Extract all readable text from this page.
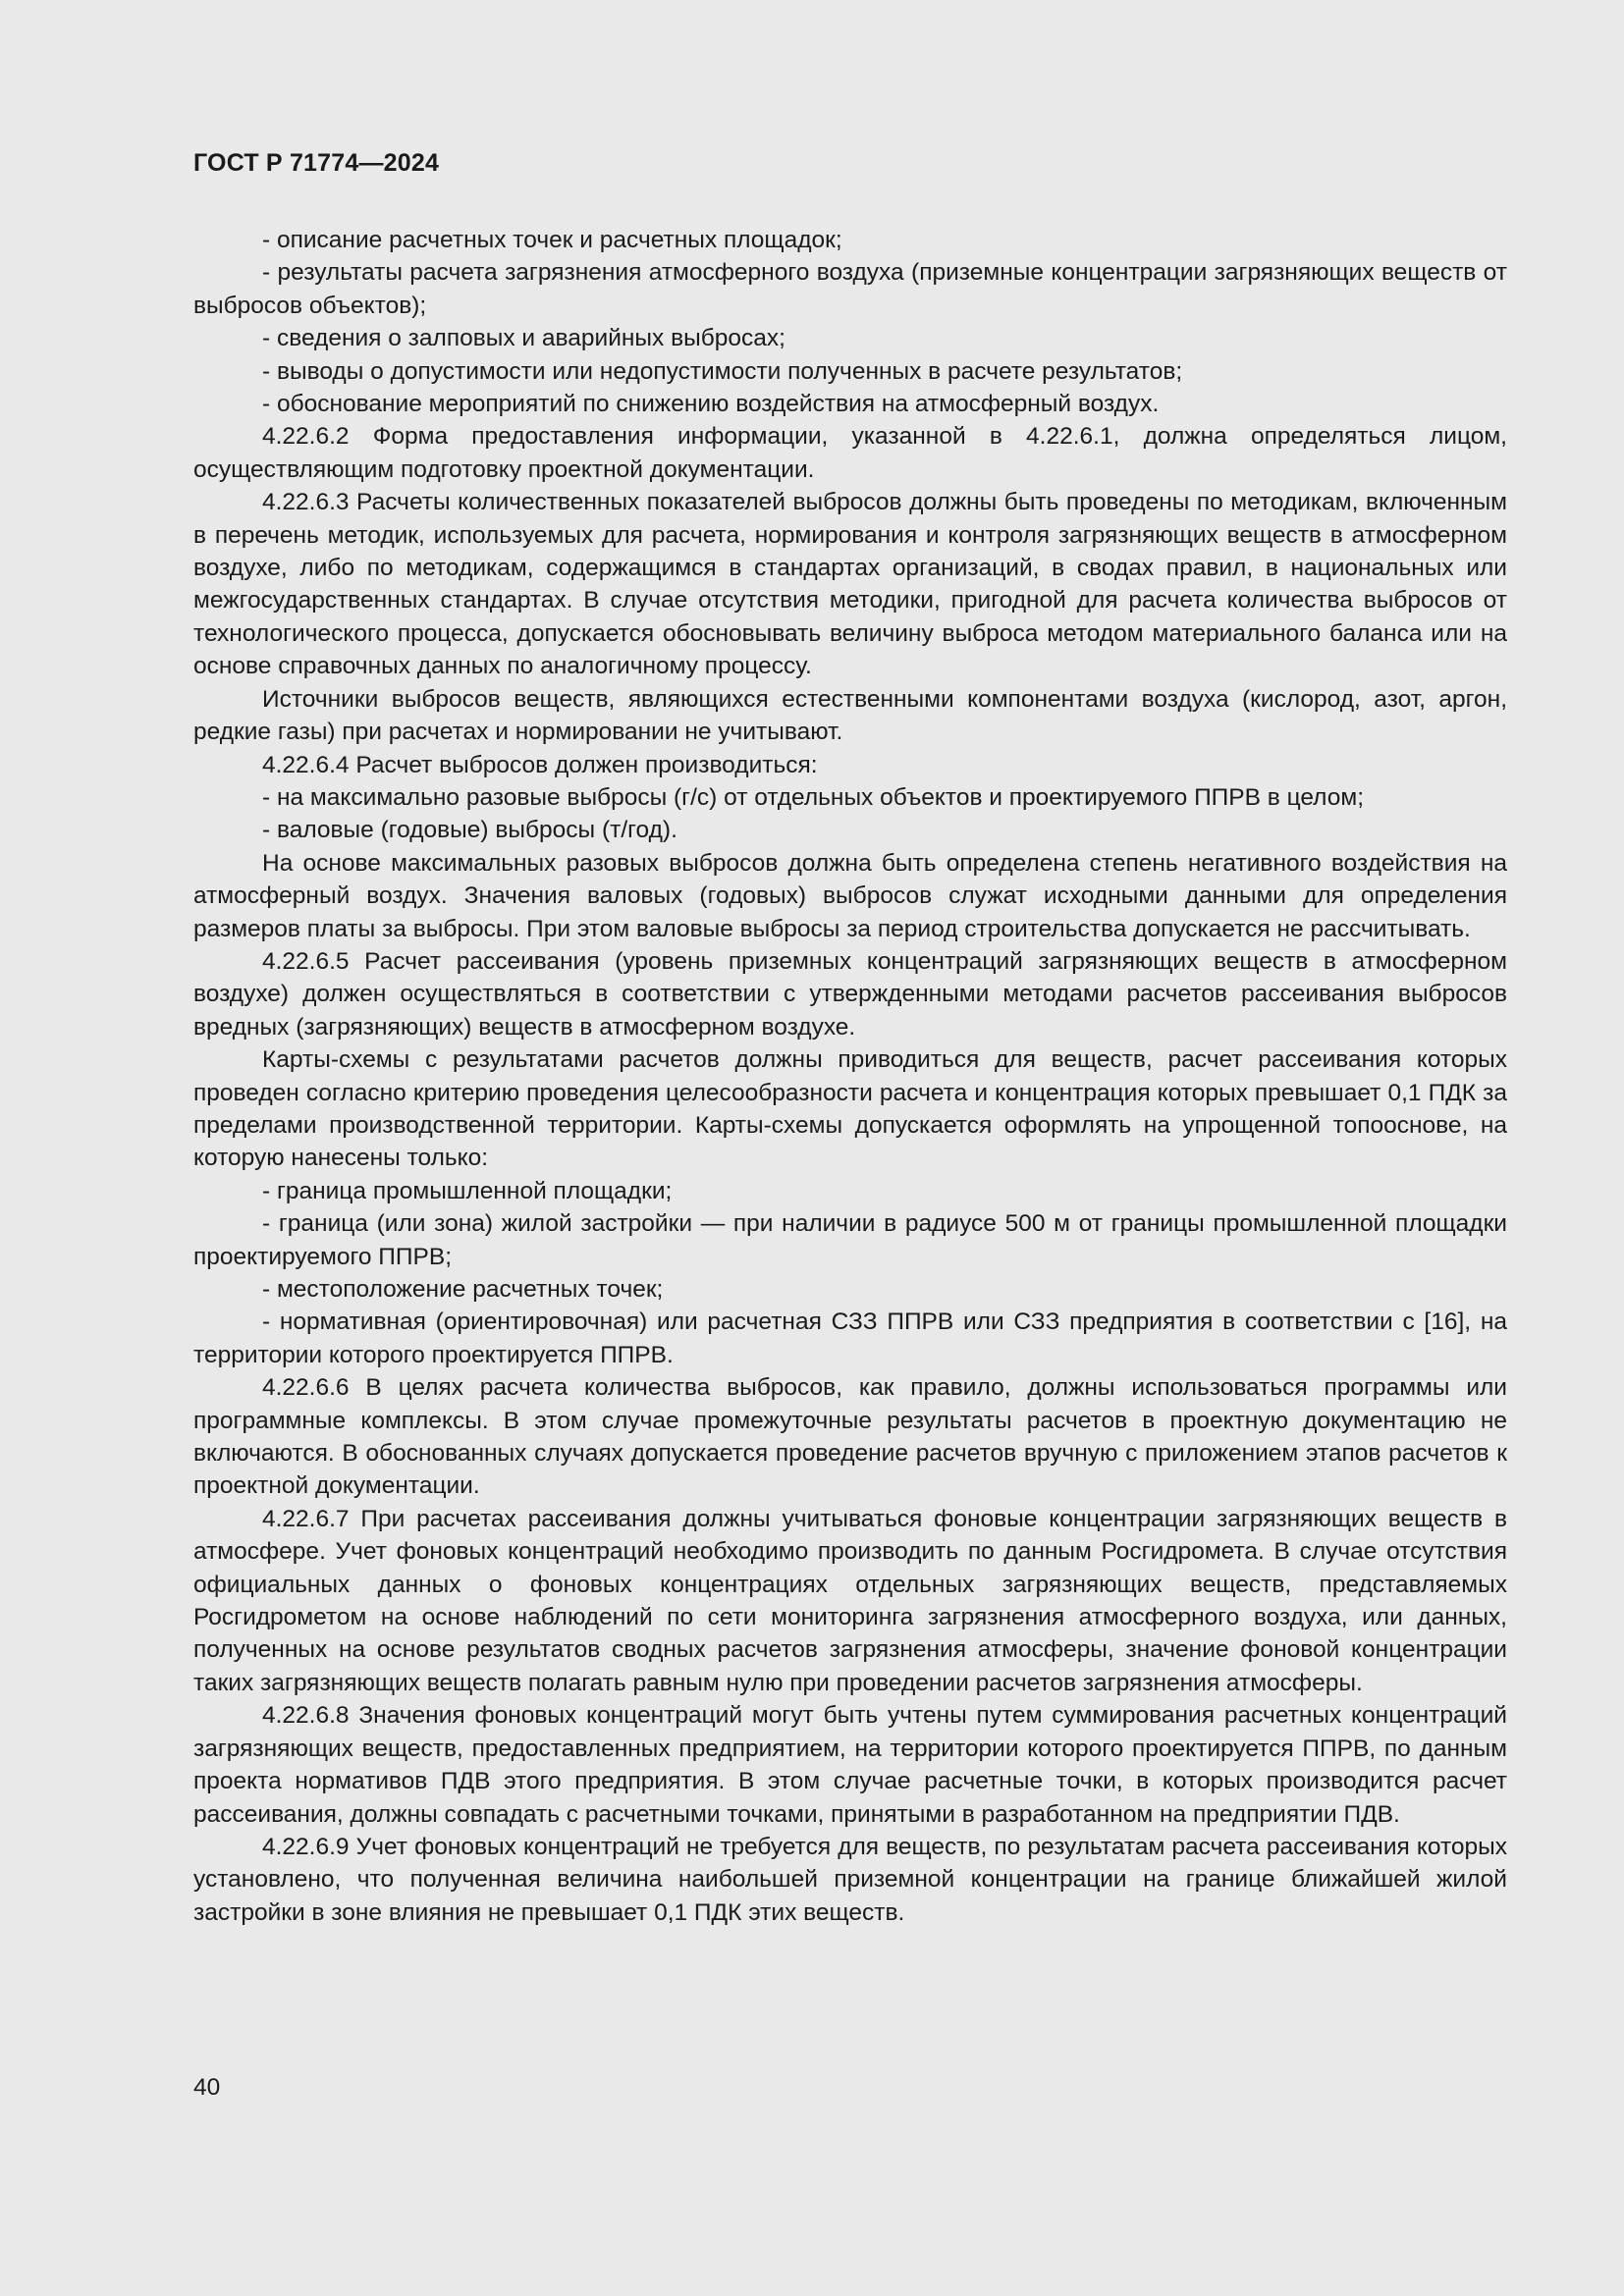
ГОСТ Р 71774—2024

- описание расчетных точек и расчетных площадок;

- результаты расчета загрязнения атмосферного воздуха (приземные концентрации загрязняющих веществ от выбросов объектов);

- сведения о залповых и аварийных выбросах;

- выводы о допустимости или недопустимости полученных в расчете результатов;

- обоснование мероприятий по снижению воздействия на атмосферный воздух.

4.22.6.2 Форма предоставления информации, указанной в 4.22.6.1, должна определяться лицом, осуществляющим подготовку проектной документации.

4.22.6.3 Расчеты количественных показателей выбросов должны быть проведены по методикам, включенным в перечень методик, используемых для расчета, нормирования и контроля загрязняющих веществ в атмосферном воздухе, либо по методикам, содержащимся в стандартах организаций, в сводах правил, в национальных или межгосударственных стандартах. В случае отсутствия методики, пригодной для расчета количества выбросов от технологического процесса, допускается обосновывать величину выброса методом материального баланса или на основе справочных данных по аналогичному процессу.

Источники выбросов веществ, являющихся естественными компонентами воздуха (кислород, азот, аргон, редкие газы) при расчетах и нормировании не учитывают.

4.22.6.4 Расчет выбросов должен производиться:

- на максимально разовые выбросы (г/с) от отдельных объектов и проектируемого ППРВ в целом;

- валовые (годовые) выбросы (т/год).

На основе максимальных разовых выбросов должна быть определена степень негативного воздействия на атмосферный воздух. Значения валовых (годовых) выбросов служат исходными данными для определения размеров платы за выбросы. При этом валовые выбросы за период строительства допускается не рассчитывать.

4.22.6.5 Расчет рассеивания (уровень приземных концентраций загрязняющих веществ в атмосферном воздухе) должен осуществляться в соответствии с утвержденными методами расчетов рассеивания выбросов вредных (загрязняющих) веществ в атмосферном воздухе.

Карты-схемы с результатами расчетов должны приводиться для веществ, расчет рассеивания которых проведен согласно критерию проведения целесообразности расчета и концентрация которых превышает 0,1 ПДК за пределами производственной территории. Карты-схемы допускается оформлять на упрощенной топооснове, на которую нанесены только:

- граница промышленной площадки;

- граница (или зона) жилой застройки — при наличии в радиусе 500 м от границы промышленной площадки проектируемого ППРВ;

- местоположение расчетных точек;

- нормативная (ориентировочная) или расчетная СЗЗ ППРВ или СЗЗ предприятия в соответствии с [16], на территории которого проектируется ППРВ.

4.22.6.6 В целях расчета количества выбросов, как правило, должны использоваться программы или программные комплексы. В этом случае промежуточные результаты расчетов в проектную документацию не включаются. В обоснованных случаях допускается проведение расчетов вручную с приложением этапов расчетов к проектной документации.

4.22.6.7 При расчетах рассеивания должны учитываться фоновые концентрации загрязняющих веществ в атмосфере. Учет фоновых концентраций необходимо производить по данным Росгидромета. В случае отсутствия официальных данных о фоновых концентрациях отдельных загрязняющих веществ, представляемых Росгидрометом на основе наблюдений по сети мониторинга загрязнения атмосферного воздуха, или данных, полученных на основе результатов сводных расчетов загрязнения атмосферы, значение фоновой концентрации таких загрязняющих веществ полагать равным нулю при проведении расчетов загрязнения атмосферы.

4.22.6.8 Значения фоновых концентраций могут быть учтены путем суммирования расчетных концентраций загрязняющих веществ, предоставленных предприятием, на территории которого проектируется ППРВ, по данным проекта нормативов ПДВ этого предприятия. В этом случае расчетные точки, в которых производится расчет рассеивания, должны совпадать с расчетными точками, принятыми в разработанном на предприятии ПДВ.

4.22.6.9 Учет фоновых концентраций не требуется для веществ, по результатам расчета рассеивания которых установлено, что полученная величина наибольшей приземной концентрации на границе ближайшей жилой застройки в зоне влияния не превышает 0,1 ПДК этих веществ.

40
